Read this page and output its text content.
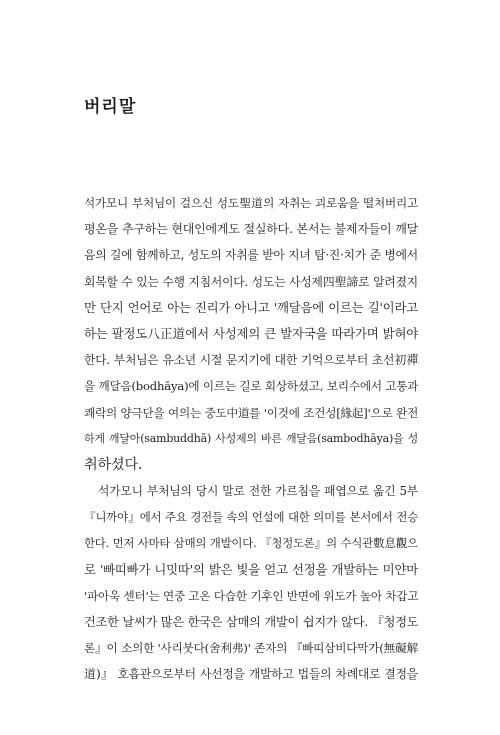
버리말
석가모니 부처님이 걸으신 성도聖道의 자취는 괴로움을 떨쳐버리고
평온을 추구하는 현대인에게도 절실하다. 본서는 불제자들이 깨달
음의 길에 함께하고, 성도의 자취를 받아 지녀 탐·진·치가 준 병에서
회복할 수 있는 수행 지침서이다. 성도는 사성제四聖諦로 알려졌지
만 단지 언어로 아는 진리가 아니고 '깨달음에 이르는 길'이라고
하는 팔정도八正道에서 사성제의 큰 발자국을 따라가며 밝혀야
한다. 부처님은 유소년 시절 문지기에 대한 기억으로부터 초선初禪
을 깨달음(bodhāya)에 이르는 길로 회상하셨고, 보리수에서 고통과
쾌락의 양극단을 여의는 중도中道를 '이것에 조건성[緣起]'으로 완전
하게 깨달아(sambuddhā) 사성제의 바른 깨달음(sambodhāya)을 성
취하셨다.
석가모니 부처님의 당시 말로 전한 가르침을 패엽으로 옮긴 5부
『니까야』에서 주요 경전들 속의 언설에 대한 의미를 본서에서 전승
한다. 먼저 사마타 삼매의 개발이다. 『청정도론』의 수식관數息觀으
로 '빠띠빠가 니밋따'의 밝은 빛을 얻고 선정을 개발하는 미얀마
'파아욱 센터'는 연중 고온 다습한 기후인 반면에 위도가 높아 차갑고
건조한 날씨가 많은 한국은 삼매의 개발이 쉽지가 않다. 『청정도
론』이 소의한 '사리붓다(舍利弗)' 존자의 『빠띠삼비다막가(無礙解
道)』 호흡관으로부터 사선정을 개발하고 법들의 차례대로 결정을
